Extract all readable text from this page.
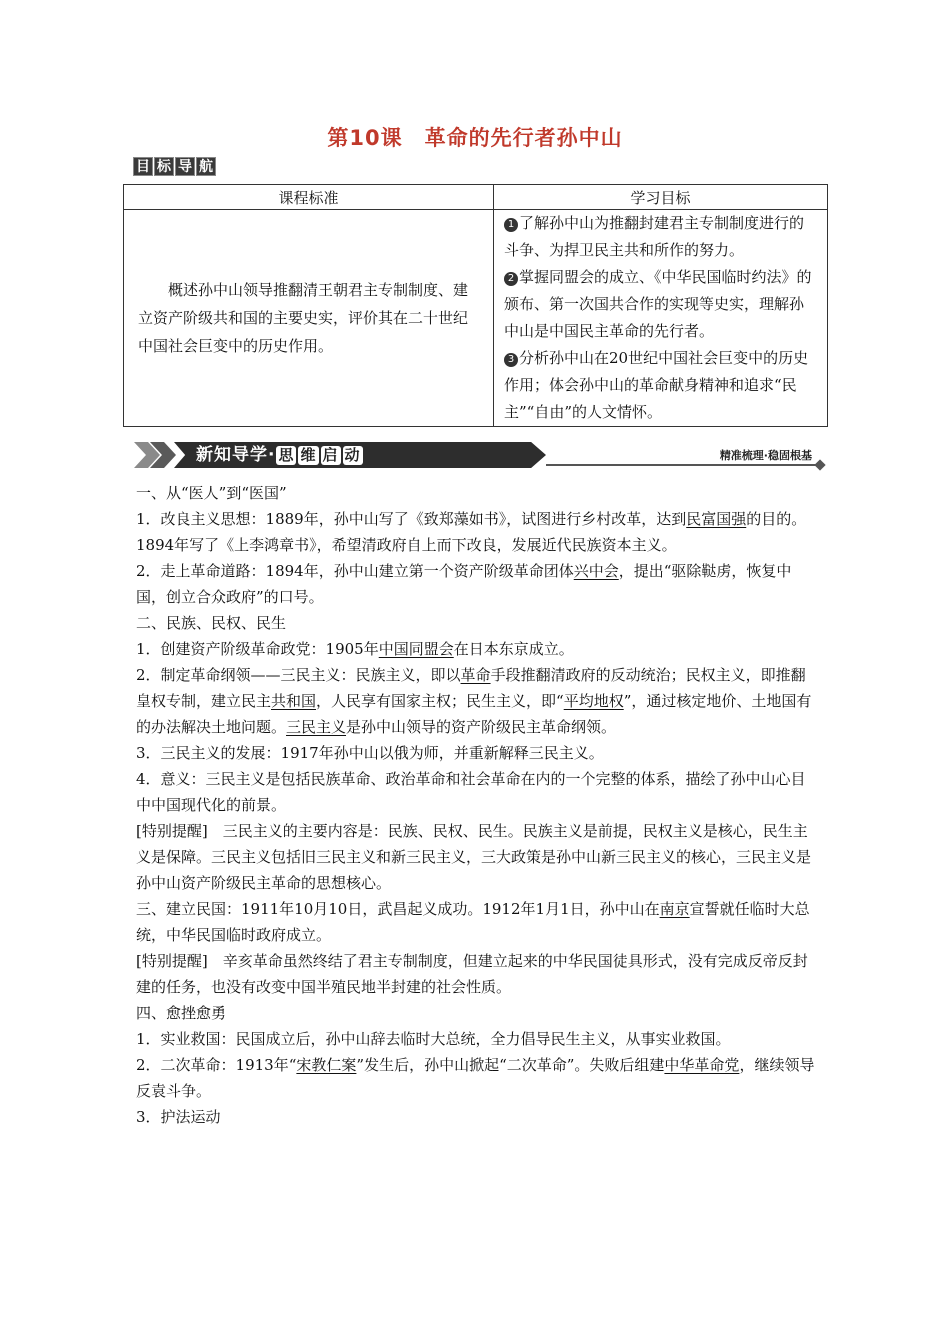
第10课　革命的先行者孙中山
目 标 导 航
课程标准	学习目标
概述孙中山领导推翻清王朝君主专制制度、建立资产阶级共和国的主要史实，评价其在二十世纪中国社会巨变中的历史作用。	1 了解孙中山为推翻封建君主专制制度进行的斗争、为捍卫民主共和所作的努力。
2 掌握同盟会的成立、《中华民国临时约法》的颁布、第一次国共合作的实现等史实，理解孙中山是中国民主革命的先行者。
3 分析孙中山在20世纪中国社会巨变中的历史作用；体会孙中山的革命献身精神和追求“民主”“自由”的人文情怀。
新知导学· 思 维 启 动	精准梳理·稳固根基

一、从“医人”到“医国”

1．改良主义思想：1889年，孙中山写了《致郑藻如书》，试图进行乡村改革，达到民富国强的目的。1894年写了《上李鸿章书》，希望清政府自上而下改良，发展近代民族资本主义。

2．走上革命道路：1894年，孙中山建立第一个资产阶级革命团体兴中会，提出“驱除鞑虏，恢复中国，创立合众政府”的口号。

二、民族、民权、民生

1．创建资产阶级革命政党：1905年中国同盟会在日本东京成立。

2．制定革命纲领——三民主义：民族主义，即以革命手段推翻清政府的反动统治；民权主义，即推翻皇权专制，建立民主共和国，人民享有国家主权；民生主义，即“平均地权”，通过核定地价、土地国有的办法解决土地问题。三民主义是孙中山领导的资产阶级民主革命纲领。

3．三民主义的发展：1917年孙中山以俄为师，并重新解释三民主义。

4．意义：三民主义是包括民族革命、政治革命和社会革命在内的一个完整的体系，描绘了孙中山心目中中国现代化的前景。

[特别提醒]　三民主义的主要内容是：民族、民权、民生。民族主义是前提，民权主义是核心，民生主义是保障。三民主义包括旧三民主义和新三民主义，三大政策是孙中山新三民主义的核心，三民主义是孙中山资产阶级民主革命的思想核心。

三、建立民国：1911年10月10日，武昌起义成功。1912年1月1日，孙中山在南京宣誓就任临时大总统，中华民国临时政府成立。

[特别提醒]　辛亥革命虽然终结了君主专制制度，但建立起来的中华民国徒具形式，没有完成反帝反封建的任务，也没有改变中国半殖民地半封建的社会性质。

四、愈挫愈勇

1．实业救国：民国成立后，孙中山辞去临时大总统，全力倡导民生主义，从事实业救国。

2．二次革命：1913年“宋教仁案”发生后，孙中山掀起“二次革命”。失败后组建中华革命党，继续领导反袁斗争。

3．护法运动
